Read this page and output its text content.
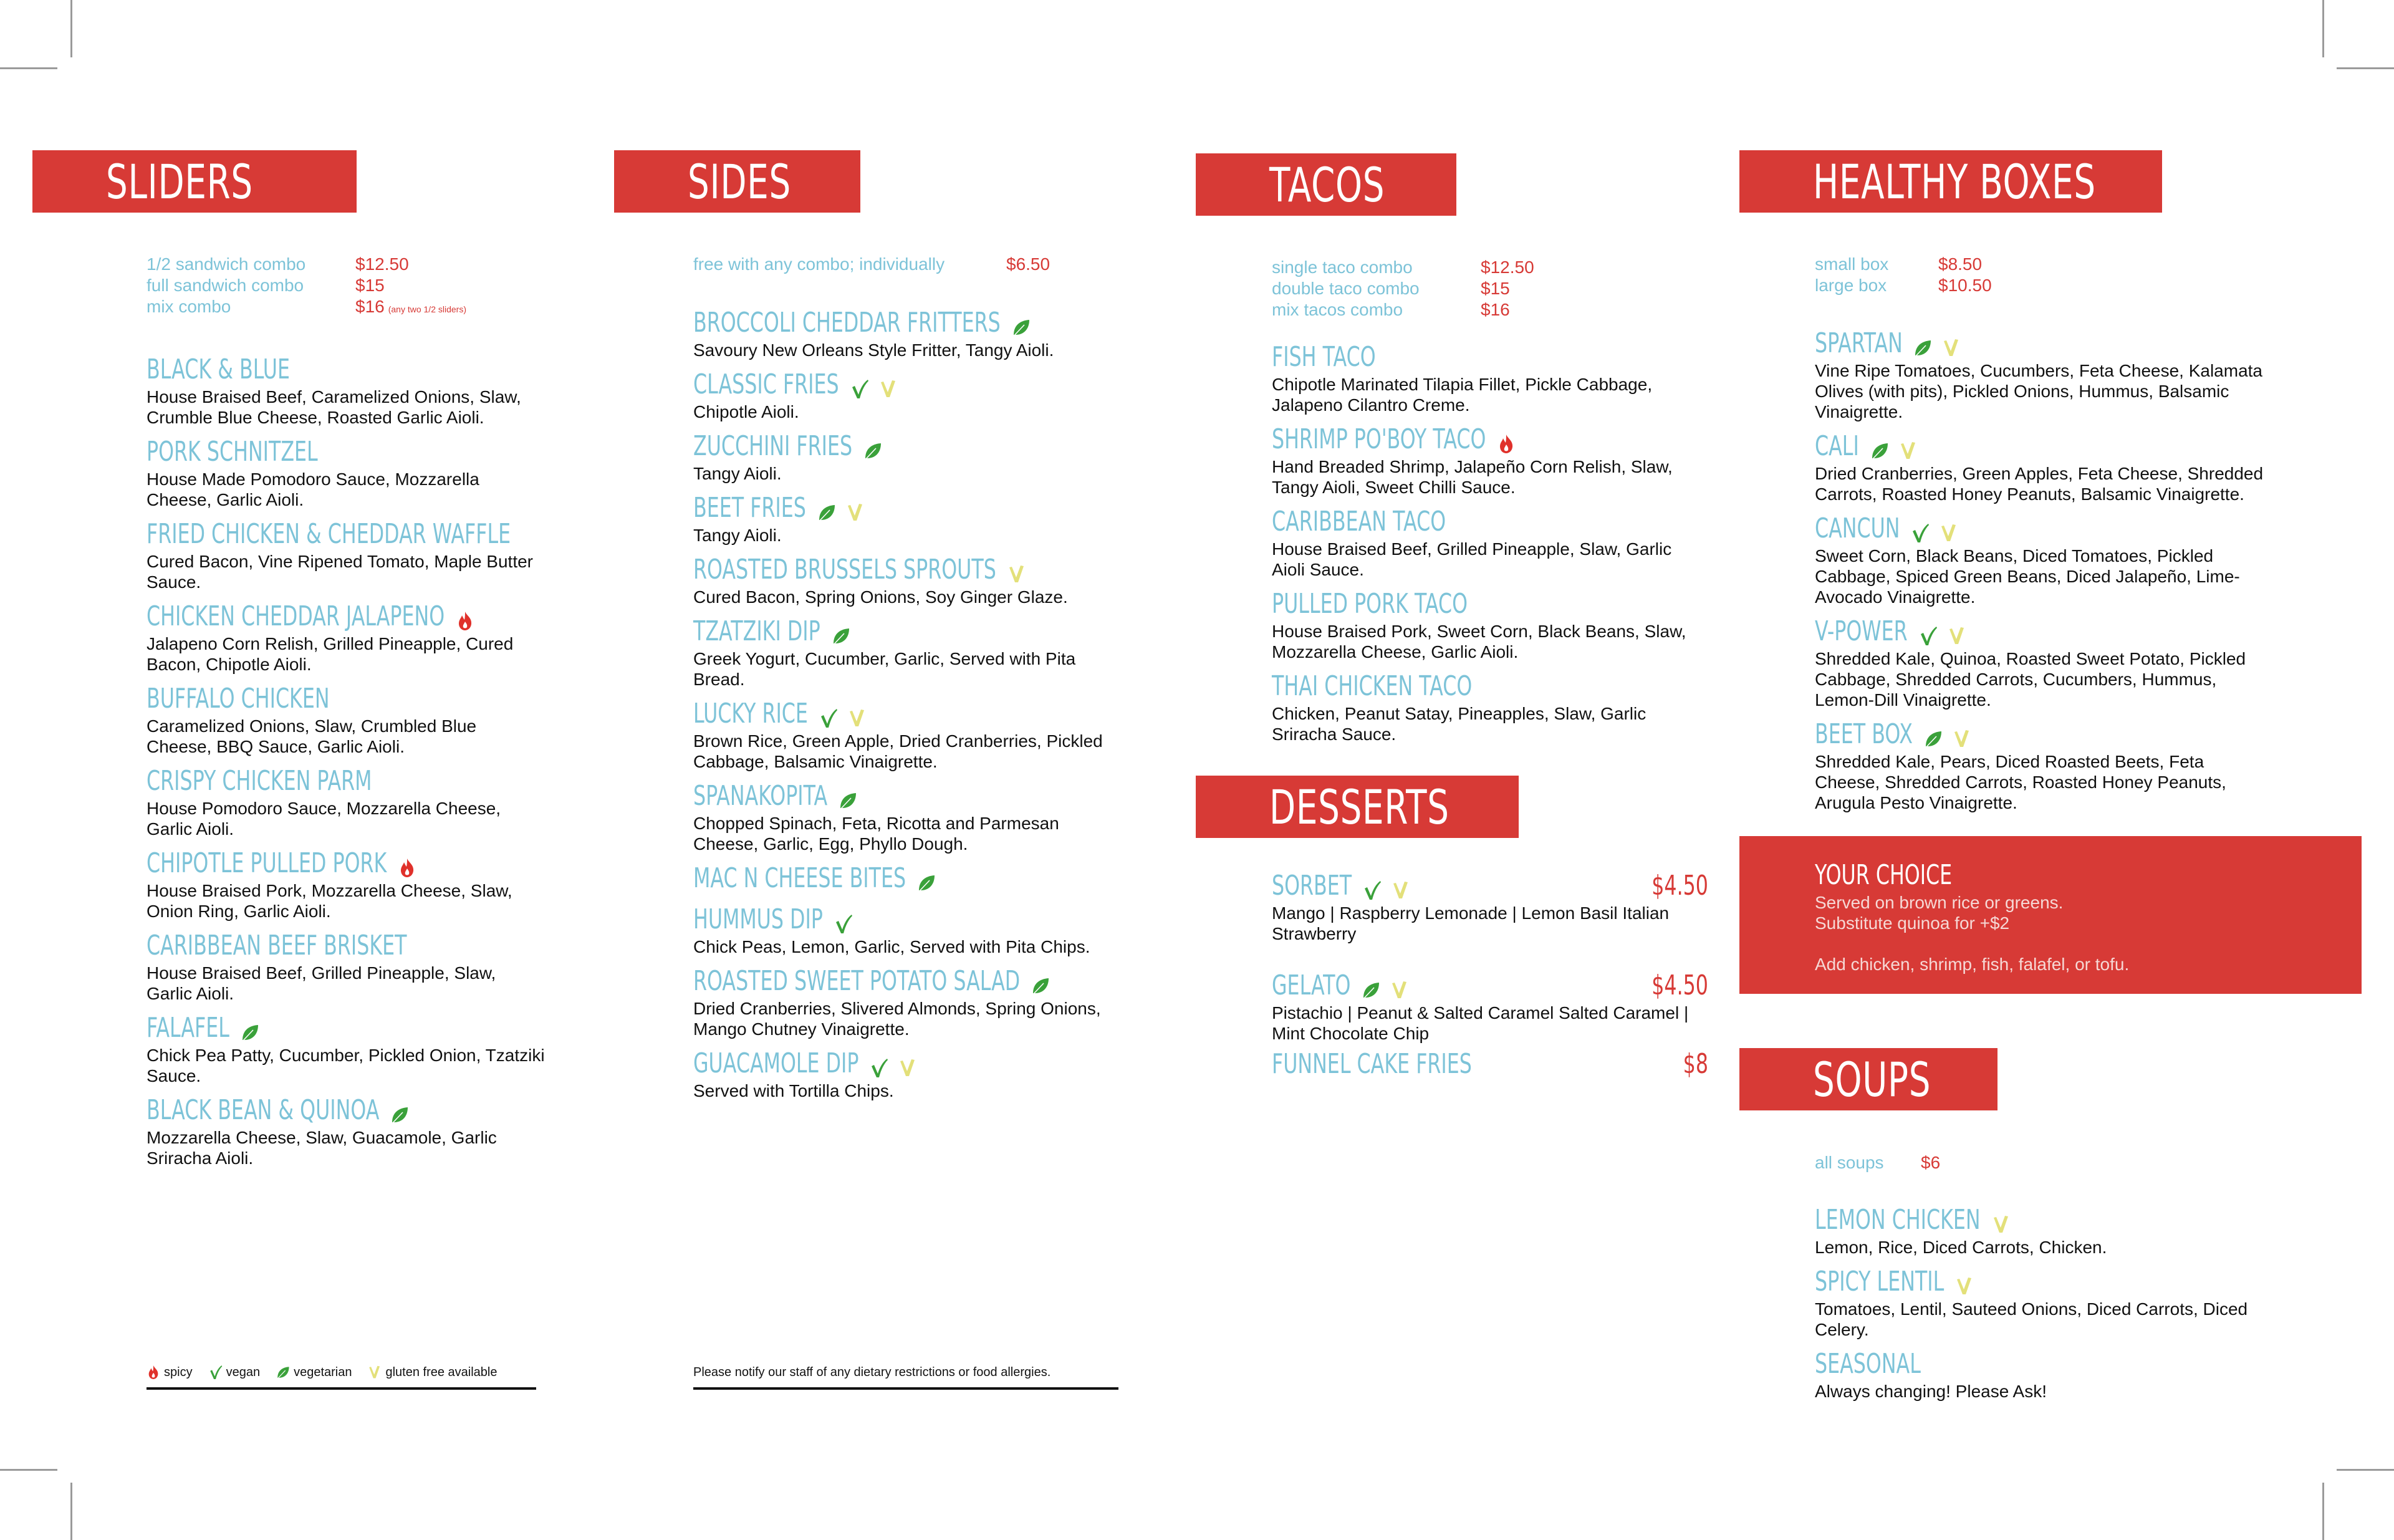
SLIDERS
1/2 sandwich combo	$12.50
full sandwich combo	$15
mix combo	$16 (any two 1/2 sliders)
BLACK & BLUE
House Braised Beef, Caramelized Onions, Slaw, Crumble Blue Cheese, Roasted Garlic Aioli.
PORK SCHNITZEL
House Made Pomodoro Sauce, Mozzarella Cheese, Garlic Aioli.
FRIED CHICKEN & CHEDDAR WAFFLE
Cured Bacon, Vine Ripened Tomato, Maple Butter Sauce.
CHICKEN CHEDDAR JALAPENO
Jalapeno Corn Relish, Grilled Pineapple, Cured Bacon, Chipotle Aioli.
BUFFALO CHICKEN
Caramelized Onions, Slaw, Crumbled Blue Cheese, BBQ Sauce, Garlic Aioli.
CRISPY CHICKEN PARM
House Pomodoro Sauce, Mozzarella Cheese, Garlic Aioli.
CHIPOTLE PULLED PORK
House Braised Pork, Mozzarella Cheese, Slaw, Onion Ring, Garlic Aioli.
CARIBBEAN BEEF BRISKET
House Braised Beef, Grilled Pineapple, Slaw, Garlic Aioli.
FALAFEL
Chick Pea Patty, Cucumber, Pickled Onion, Tzatziki Sauce.
BLACK BEAN & QUINOA
Mozzarella Cheese, Slaw, Guacamole, Garlic Sriracha Aioli.
spicy	vegan	vegetarian	gluten free available
SIDES
free with any combo; individually	$6.50
BROCCOLI CHEDDAR FRITTERS
Savoury New Orleans Style Fritter, Tangy Aioli.
CLASSIC FRIES
Chipotle Aioli.
ZUCCHINI FRIES
Tangy Aioli.
BEET FRIES
Tangy Aioli.
ROASTED BRUSSELS SPROUTS
Cured Bacon, Spring Onions, Soy Ginger Glaze.
TZATZIKI DIP
Greek Yogurt, Cucumber, Garlic, Served with Pita Bread.
LUCKY RICE
Brown Rice, Green Apple, Dried Cranberries, Pickled Cabbage, Balsamic Vinaigrette.
SPANAKOPITA
Chopped Spinach, Feta, Ricotta and Parmesan Cheese, Garlic, Egg, Phyllo Dough.
MAC N CHEESE BITES
HUMMUS DIP
Chick Peas, Lemon, Garlic, Served with Pita Chips.
ROASTED SWEET POTATO SALAD
Dried Cranberries, Slivered Almonds, Spring Onions, Mango Chutney Vinaigrette.
GUACAMOLE DIP
Served with Tortilla Chips.
Please notify our staff of any dietary restrictions or food allergies.
TACOS
single taco combo	$12.50
double taco combo	$15
mix tacos combo	$16
FISH TACO
Chipotle Marinated Tilapia Fillet, Pickle Cabbage, Jalapeno Cilantro Creme.
SHRIMP PO'BOY TACO
Hand Breaded Shrimp, Jalapeño Corn Relish, Slaw, Tangy Aioli, Sweet Chilli Sauce.
CARIBBEAN TACO
House Braised Beef, Grilled Pineapple, Slaw, Garlic Aioli Sauce.
PULLED PORK TACO
House Braised Pork, Sweet Corn, Black Beans, Slaw, Mozzarella Cheese, Garlic Aioli.
THAI CHICKEN TACO
Chicken, Peanut Satay, Pineapples, Slaw, Garlic Sriracha Sauce.
DESSERTS
SORBET	$4.50
Mango | Raspberry Lemonade | Lemon Basil Italian Strawberry
GELATO	$4.50
Pistachio | Peanut & Salted Caramel Salted Caramel | Mint Chocolate Chip
FUNNEL CAKE FRIES	$8
HEALTHY BOXES
small box	$8.50
large box	$10.50
SPARTAN
Vine Ripe Tomatoes, Cucumbers, Feta Cheese, Kalamata Olives (with pits), Pickled Onions, Hummus, Balsamic Vinaigrette.
CALI
Dried Cranberries, Green Apples, Feta Cheese, Shredded Carrots, Roasted Honey Peanuts, Balsamic Vinaigrette.
CANCUN
Sweet Corn, Black Beans, Diced Tomatoes, Pickled Cabbage, Spiced Green Beans, Diced Jalapeño, Lime-Avocado Vinaigrette.
V-POWER
Shredded Kale, Quinoa, Roasted Sweet Potato, Pickled Cabbage, Shredded Carrots, Cucumbers, Hummus, Lemon-Dill Vinaigrette.
BEET BOX
Shredded Kale, Pears, Diced Roasted Beets, Feta Cheese, Shredded Carrots, Roasted Honey Peanuts, Arugula Pesto Vinaigrette.
YOUR CHOICE
Served on brown rice or greens.
Substitute quinoa for +$2
Add chicken, shrimp, fish, falafel, or tofu.
SOUPS
all soups $6
LEMON CHICKEN
Lemon, Rice, Diced Carrots, Chicken.
SPICY LENTIL
Tomatoes, Lentil, Sauteed Onions, Diced Carrots, Diced Celery.
SEASONAL
Always changing! Please Ask!
